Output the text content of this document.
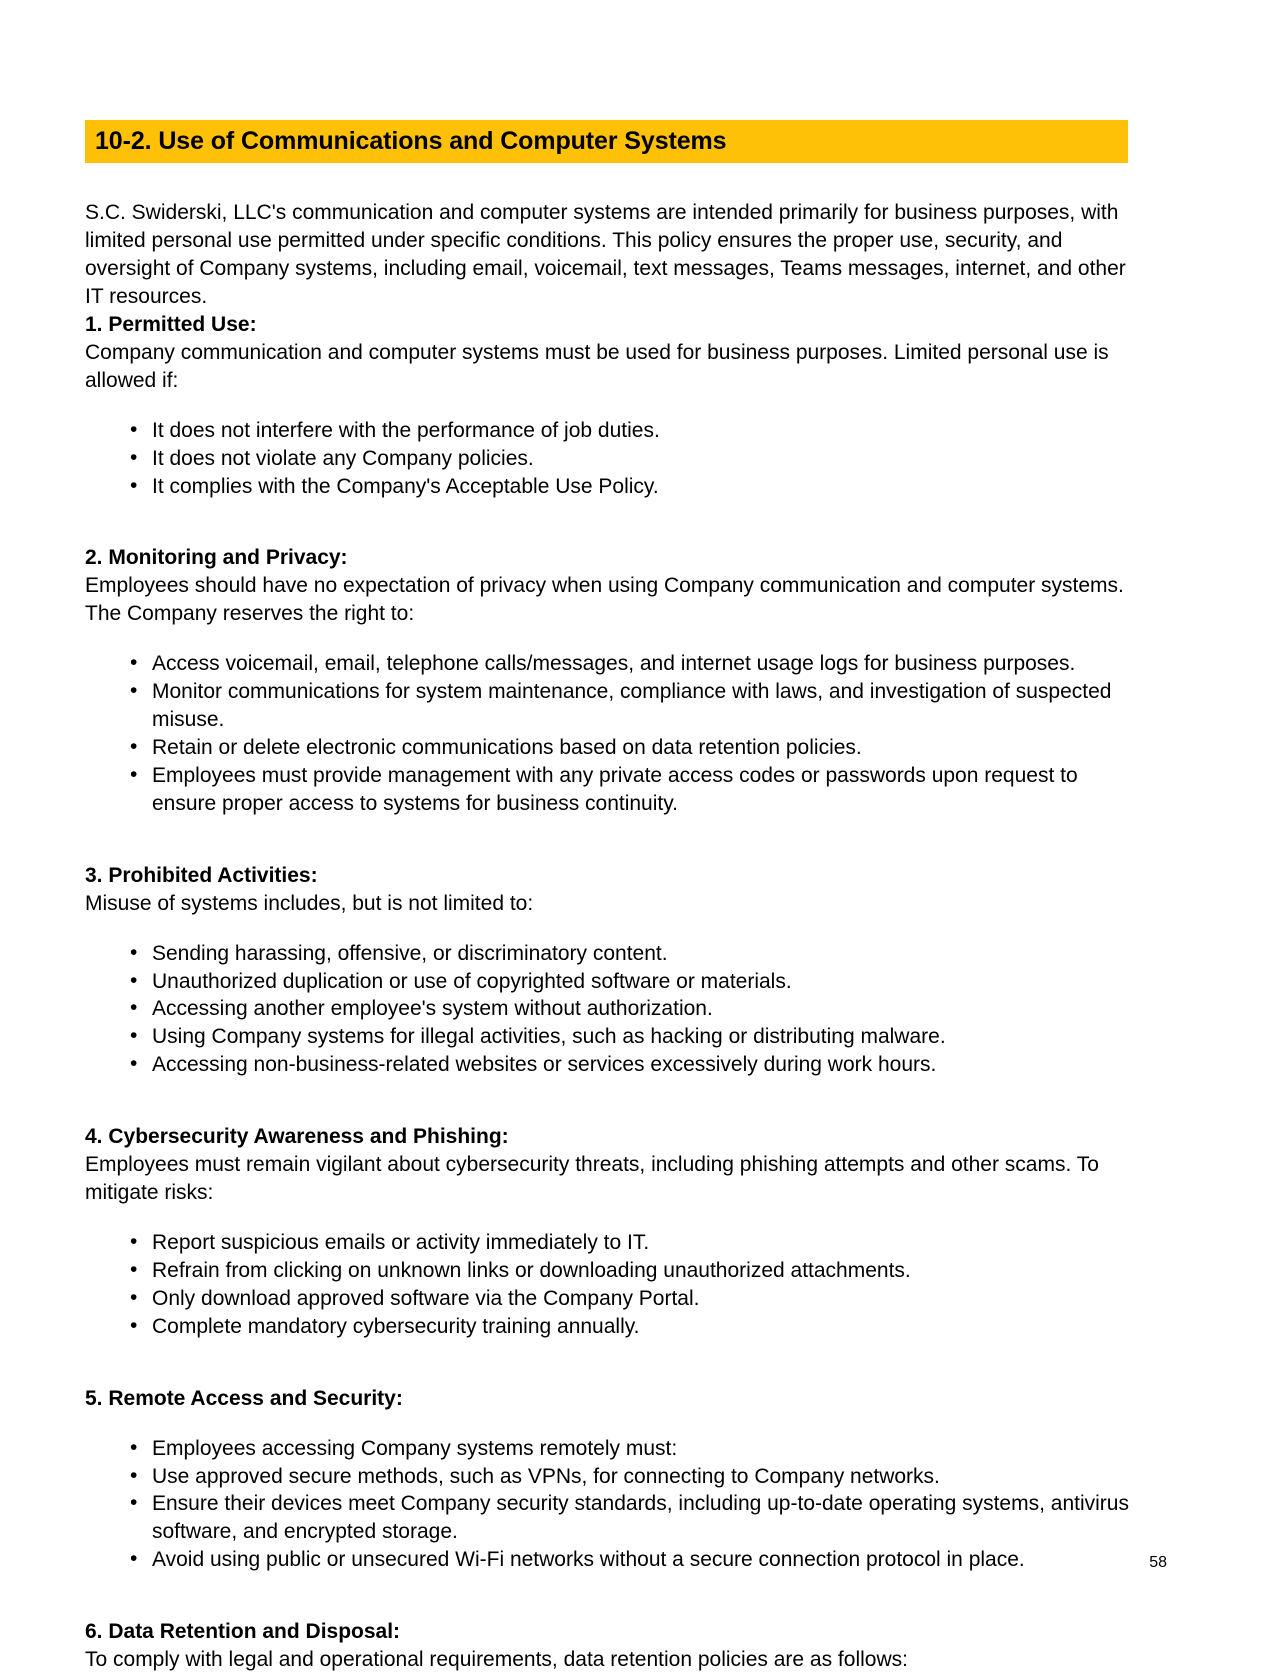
10-2. Use of Communications and Computer Systems

S.C. Swiderski, LLC's communication and computer systems are intended primarily for business purposes, with limited personal use permitted under specific conditions. This policy ensures the proper use, security, and oversight of Company systems, including email, voicemail, text messages, Teams messages, internet, and other IT resources.

1. Permitted Use:

Company communication and computer systems must be used for business purposes. Limited personal use is allowed if:

• It does not interfere with the performance of job duties.
• It does not violate any Company policies.
• It complies with the Company's Acceptable Use Policy.
2. Monitoring and Privacy:

Employees should have no expectation of privacy when using Company communication and computer systems. The Company reserves the right to:

• Access voicemail, email, telephone calls/messages, and internet usage logs for business purposes.
• Monitor communications for system maintenance, compliance with laws, and investigation of suspected misuse.
• Retain or delete electronic communications based on data retention policies.
• Employees must provide management with any private access codes or passwords upon request to ensure proper access to systems for business continuity.
3. Prohibited Activities:

Misuse of systems includes, but is not limited to:

• Sending harassing, offensive, or discriminatory content.
• Unauthorized duplication or use of copyrighted software or materials.
• Accessing another employee's system without authorization.
• Using Company systems for illegal activities, such as hacking or distributing malware.
• Accessing non-business-related websites or services excessively during work hours.
4. Cybersecurity Awareness and Phishing:

Employees must remain vigilant about cybersecurity threats, including phishing attempts and other scams. To mitigate risks:

• Report suspicious emails or activity immediately to IT.
• Refrain from clicking on unknown links or downloading unauthorized attachments.
• Only download approved software via the Company Portal.
• Complete mandatory cybersecurity training annually.
5. Remote Access and Security:
• Employees accessing Company systems remotely must:
• Use approved secure methods, such as VPNs, for connecting to Company networks.
• Ensure their devices meet Company security standards, including up-to-date operating systems, antivirus software, and encrypted storage.
• Avoid using public or unsecured Wi-Fi networks without a secure connection protocol in place.
6. Data Retention and Disposal:

To comply with legal and operational requirements, data retention policies are as follows:

58
